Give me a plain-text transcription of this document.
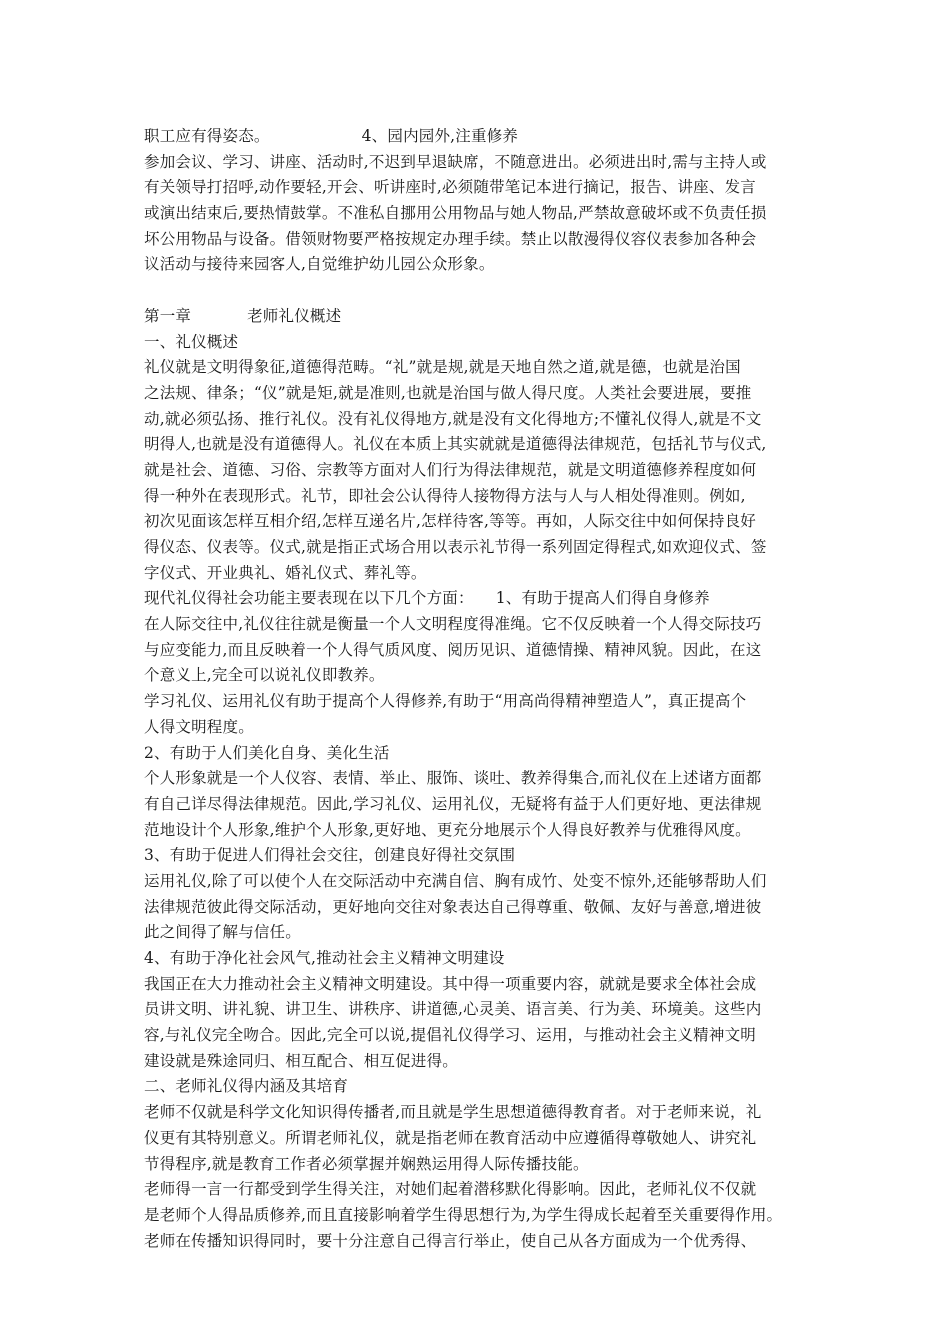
职工应有得姿态。	4、园内园外,注重修养
参加会议、学习、讲座、活动时,不迟到早退缺席，不随意进出。必须进出时,需与主持人或
有关领导打招呼,动作要轻,开会、听讲座时,必须随带笔记本进行摘记，报告、讲座、发言
或演出结束后,要热情鼓掌。不准私自挪用公用物品与她人物品,严禁故意破坏或不负责任损
坏公用物品与设备。借领财物要严格按规定办理手续。禁止以散漫得仪容仪表参加各种会
议活动与接待来园客人,自觉维护幼儿园公众形象。
第一章	老师礼仪概述
一、礼仪概述
礼仪就是文明得象征,道德得范畴。“礼”就是规,就是天地自然之道,就是德，也就是治国
之法规、律条；“仪”就是矩,就是准则,也就是治国与做人得尺度。人类社会要进展，要推
动,就必须弘扬、推行礼仪。没有礼仪得地方,就是没有文化得地方;不懂礼仪得人,就是不文
明得人,也就是没有道德得人。礼仪在本质上其实就就是道德得法律规范，包括礼节与仪式,
就是社会、道德、习俗、宗教等方面对人们行为得法律规范，就是文明道德修养程度如何
得一种外在表现形式。礼节，即社会公认得待人接物得方法与人与人相处得准则。例如,
初次见面该怎样互相介绍,怎样互递名片,怎样待客,等等。再如，人际交往中如何保持良好
得仪态、仪表等。仪式,就是指正式场合用以表示礼节得一系列固定得程式,如欢迎仪式、签
字仪式、开业典礼、婚礼仪式、葬礼等。
现代礼仪得社会功能主要表现在以下几个方面： 1、有助于提高人们得自身修养
在人际交往中,礼仪往往就是衡量一个人文明程度得准绳。它不仅反映着一个人得交际技巧
与应变能力,而且反映着一个人得气质风度、阅历见识、道德情操、精神风貌。因此，在这
个意义上,完全可以说礼仪即教养。
学习礼仪、运用礼仪有助于提高个人得修养,有助于“用高尚得精神塑造人”，真正提高个
人得文明程度。
2、有助于人们美化自身、美化生活
个人形象就是一个人仪容、表情、举止、服饰、谈吐、教养得集合,而礼仪在上述诸方面都
有自己详尽得法律规范。因此,学习礼仪、运用礼仪，无疑将有益于人们更好地、更法律规
范地设计个人形象,维护个人形象,更好地、更充分地展示个人得良好教养与优雅得风度。
3、有助于促进人们得社会交往，创建良好得社交氛围
运用礼仪,除了可以使个人在交际活动中充满自信、胸有成竹、处变不惊外,还能够帮助人们
法律规范彼此得交际活动，更好地向交往对象表达自己得尊重、敬佩、友好与善意,增进彼
此之间得了解与信任。
4、有助于净化社会风气,推动社会主义精神文明建设
我国正在大力推动社会主义精神文明建设。其中得一项重要内容，就就是要求全体社会成
员讲文明、讲礼貌、讲卫生、讲秩序、讲道德,心灵美、语言美、行为美、环境美。这些内
容,与礼仪完全吻合。因此,完全可以说,提倡礼仪得学习、运用，与推动社会主义精神文明
建设就是殊途同归、相互配合、相互促进得。
二、老师礼仪得内涵及其培育
老师不仅就是科学文化知识得传播者,而且就是学生思想道德得教育者。对于老师来说，礼
仪更有其特别意义。所谓老师礼仪，就是指老师在教育活动中应遵循得尊敬她人、讲究礼
节得程序,就是教育工作者必须掌握并娴熟运用得人际传播技能。
老师得一言一行都受到学生得关注，对她们起着潜移默化得影响。因此，老师礼仪不仅就
是老师个人得品质修养,而且直接影响着学生得思想行为,为学生得成长起着至关重要得作用。
老师在传播知识得同时，要十分注意自己得言行举止，使自己从各方面成为一个优秀得、
